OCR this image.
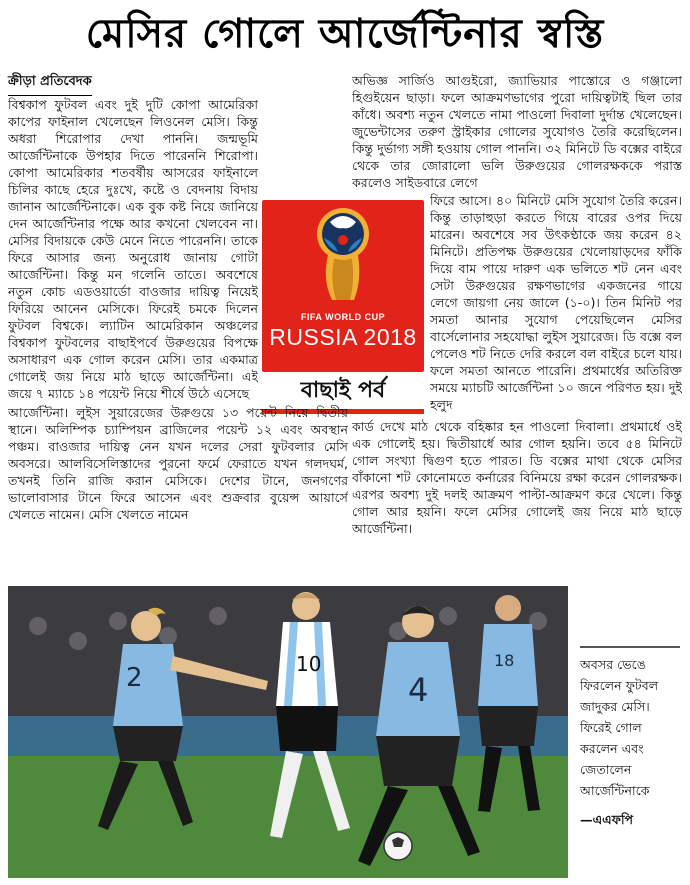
মেসির গোলে আর্জেন্টিনার স্বস্তি
ক্রীড়া প্রতিবেদক

বিশ্বকাপ ফুটবল এবং দুই দুটি কোপা আমেরিকা কাপের ফাইনাল খেলেছেন লিওনেল মেসি। কিন্তু অধরা শিরোপার দেখা পাননি। জন্মভূমি আর্জেন্টিনাকে উপহার দিতে পারেননি শিরোপা। কোপা আমেরিকার শতবর্ষীয় আসরের ফাইনালে চিলির কাছে হেরে দুঃখে, কষ্টে ও বেদনায় বিদায় জানান আর্জেন্টিনাকে। এক বুক কষ্ট নিয়ে জানিয়ে দেন আর্জেন্টিনার পক্ষে আর কখনো খেলবেন না। মেসির বিদায়কে কেউ মেনে নিতে পারেননি। তাকে ফিরে আসার জন্য অনুরোধ জানায় গোটা আর্জেন্টিনা। কিন্তু মন গলেনি তাতে। অবশেষে নতুন কোচ এডওয়ার্ডো বাওজার দায়িত্ব নিয়েই ফিরিয়ে আনেন মেসিকে। ফিরেই চমকে দিলেন ফুটবল বিশ্বকে। ল্যাটিন আমেরিকান অঞ্চলের বিশ্বকাপ ফুটবলের বাছাইপর্বে উরুগুয়ের বিপক্ষে অসাধারণ এক গোল করেন মেসি। তার একমাত্র গোলেই জয় নিয়ে মাঠ ছাড়ে আর্জেন্টিনা। এই জয়ে ৭ ম্যাচে ১৪ পয়েন্ট নিয়ে শীর্ষে উঠে এসেছে

FIFA WORLD CUP
RUSSIA 2018
বাছাই পর্ব

আর্জেন্টিনা। লুইস সুয়ারেজের উরুগুয়ে ১৩ পয়েন্ট নিয়ে দ্বিতীয় স্থানে। অলিম্পিক চ্যাম্পিয়ন ব্রাজিলের পয়েন্ট ১২ এবং অবস্থান পঞ্চম। বাওজার দায়িত্ব নেন যখন দলের সেরা ফুটবলার মেসি অবসরে। আলবিসেলিস্তাদের পুরনো ফর্মে ফেরাতে যখন গলদঘর্ম, তখনই তিনি রাজি করান মেসিকে। দেশের টানে, জনগণের ভালোবাসার টানে ফিরে আসেন এবং শুক্রবার বুয়েন্স আয়ার্সে খেলতে নামেন। মেসি খেলতে নামেন

অভিজ্ঞ সার্জিও আগুইরো, জ্যাভিয়ার পাস্তোরে ও গঞ্জালো হিগুইয়েন ছাড়া। ফলে আক্রমণভাগের পুরো দায়িত্বটাই ছিল তার কাঁধে। অবশ্য নতুন খেলতে নামা পাওলো দিবালা দুর্দান্ত খেলেছেন। জুভেন্টাসের তরুণ স্ট্রাইকার গোলের সুযোগও তৈরি করেছিলেন। কিন্তু দুর্ভাগ্য সঙ্গী হওয়ায় গোল পাননি। ৩২ মিনিটে ডি বক্সের বাইরে থেকে তার জোরালো ভলি উরুগুয়ের গোলরক্ষককে পরাস্ত করলেও সাইডবারে লেগে

ফিরে আসে। ৪০ মিনিটে মেসি সুযোগ তৈরি করেন। কিন্তু তাড়াহুড়া করতে গিয়ে বারের ওপর দিয়ে মারেন। অবশেষে সব উৎকণ্ঠাকে জয় করেন ৪২ মিনিটে। প্রতিপক্ষ উরুগুয়ের খেলোয়াড়দের ফাঁকি দিয়ে বাম পায়ে দারুণ এক ভলিতে শট নেন এবং সেটা উরুগুয়ের রক্ষণভাগের একজনের গায়ে লেগে জায়গা নেয় জালে (১-০)। তিন মিনিট পর সমতা আনার সুযোগ পেয়েছিলেন মেসির বার্সেলোনার সহযোদ্ধা লুইস সুয়ারেজ। ডি বক্সে বল পেলেও শট নিতে দেরি করলে বল বাইরে চলে যায়। ফলে সমতা আনতে পারেনি। প্রথমার্ধের অতিরিক্ত সময়ে ম্যাচটি আর্জেন্টিনা ১০ জনে পরিণত হয়। দুই হলুদ

কার্ড দেখে মাঠ থেকে বহিষ্কার হন পাওলো দিবালা। প্রথমার্ধে ওই এক গোলেই হয়। দ্বিতীয়ার্ধে আর গোল হয়নি। তবে ৫৪ মিনিটে গোল সংখ্যা দ্বিগুণ হতে পারত। ডি বক্সের মাথা থেকে মেসির বাঁকানো শট কোনোমতে কর্নারের বিনিময়ে রক্ষা করেন গোলরক্ষক। এরপর অবশ্য দুই দলই আক্রমণ পাল্টা-আক্রমণ করে খেলে। কিন্তু গোল আর হয়নি। ফলে মেসির গোলেই জয় নিয়ে মাঠ ছাড়ে আর্জেন্টিনা।

2	10
4
18	অবসর ভেঙে ফিরলেন ফুটবল জাদুকর মেসি। ফিরেই গোল করলেন এবং জেতালেন আর্জেন্টিনাকে
—এএফপি
